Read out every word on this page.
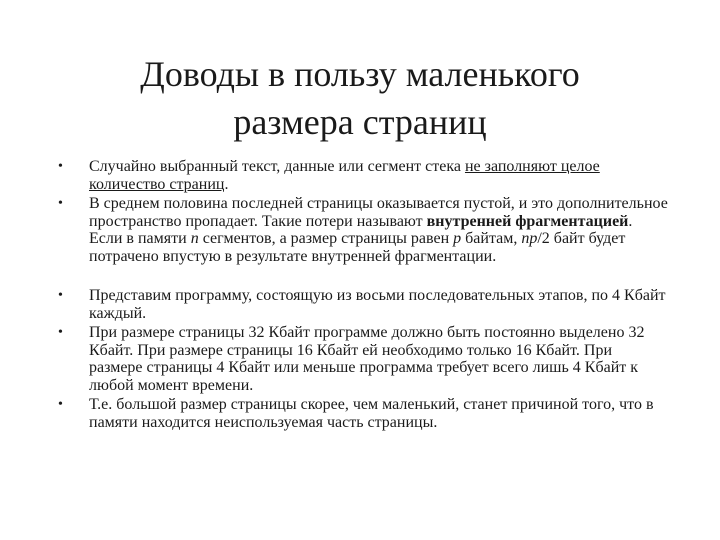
Доводы в пользу маленького
размера страниц
• Случайно выбранный текст, данные или сегмент стека не заполняют целое количество страниц.
• В среднем половина последней страницы оказывается пустой, и это дополнительное пространство пропадает. Такие потери называют внутренней фрагментацией.
Если в памяти n сегментов, а размер страницы равен p байтам, np/2 байт будет потрачено впустую в результате внутренней фрагментации.
• Представим программу, состоящую из восьми последовательных этапов, по 4 Кбайт каждый.
• При размере страницы 32 Кбайт программе должно быть постоянно выделено 32 Кбайт. При размере страницы 16 Кбайт ей необходимо только 16 Кбайт. При размере страницы 4 Кбайт или меньше программа требует всего лишь 4 Кбайт к любой момент времени.
• Т.е. большой размер страницы скорее, чем маленький, станет причиной того, что в памяти находится неиспользуемая часть страницы.
